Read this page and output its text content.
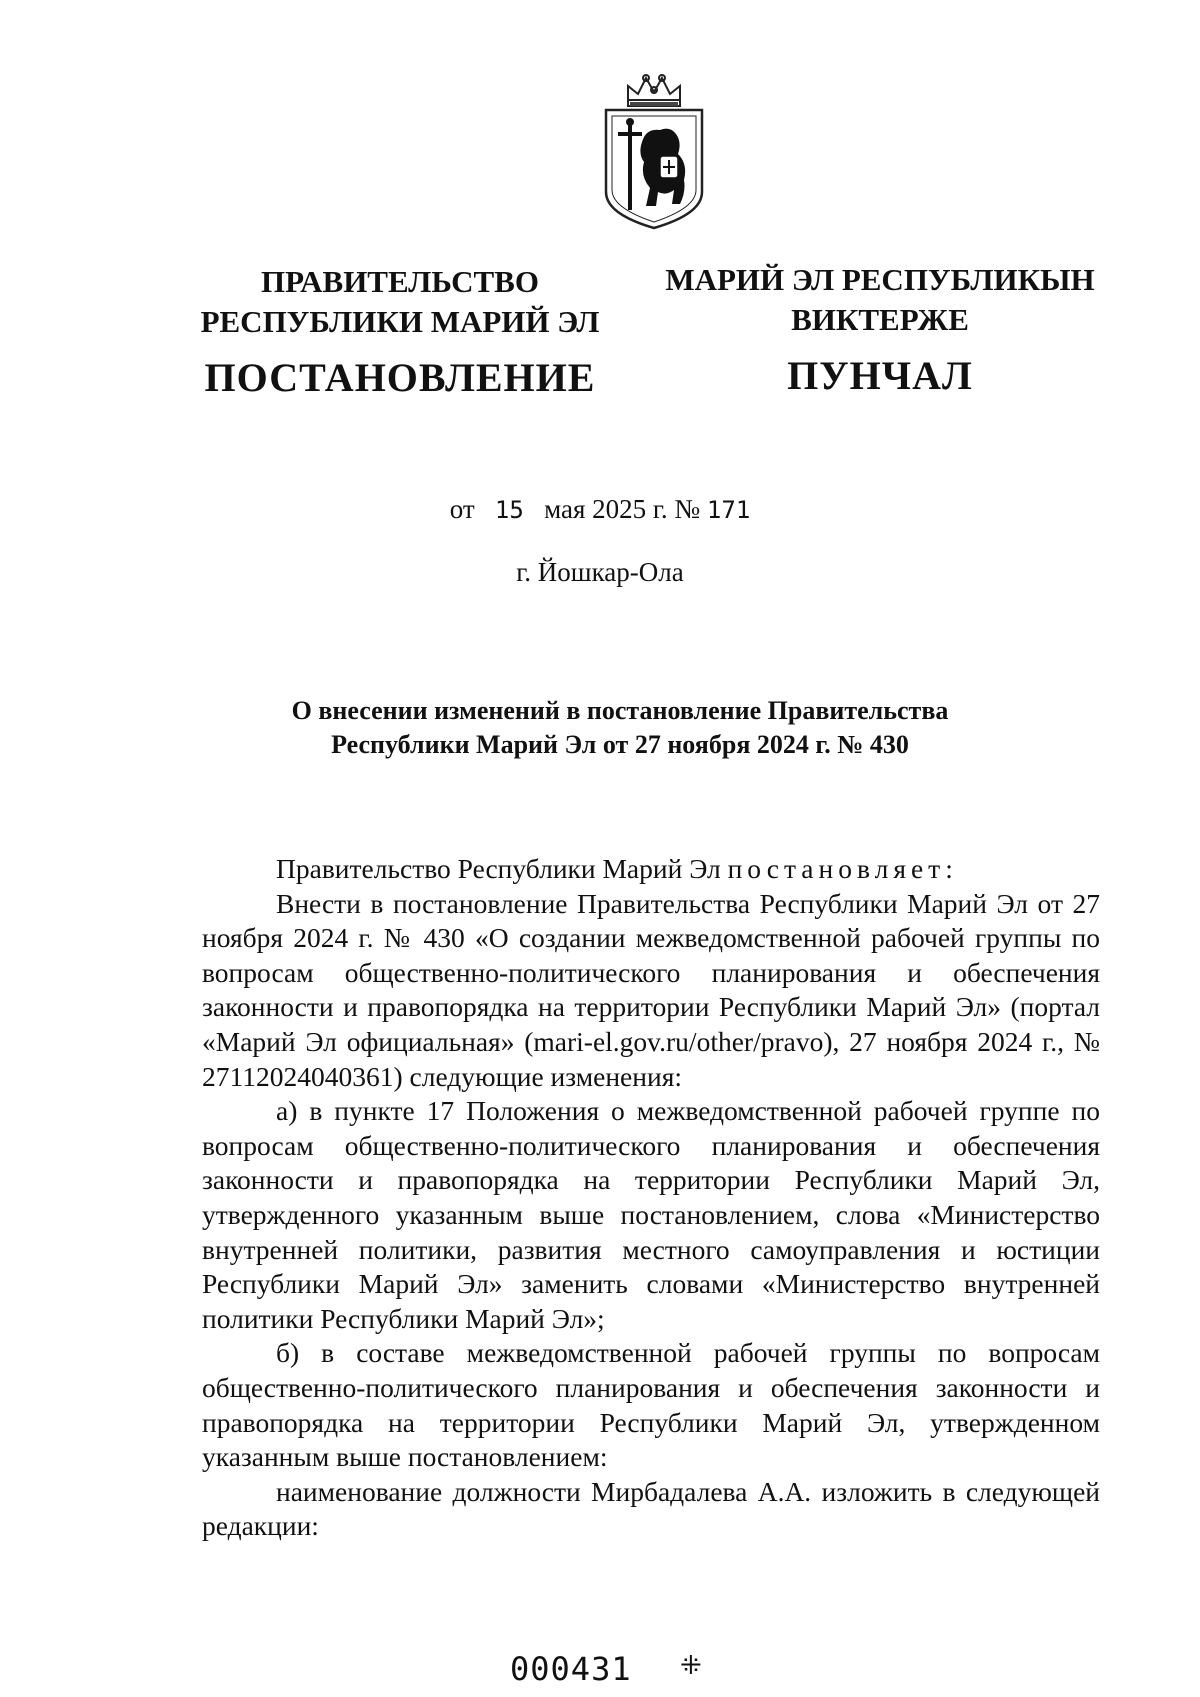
ПРАВИТЕЛЬСТВО
РЕСПУБЛИКИ МАРИЙ ЭЛ
ПОСТАНОВЛЕНИЕ
МАРИЙ ЭЛ РЕСПУБЛИКЫН
ВИКТЕРЖЕ
ПУНЧАЛ
от 15 мая 2025 г. № 171
г. Йошкар-Ола
О внесении изменений в постановление Правительства
Республики Марий Эл от 27 ноября 2024 г. № 430

Правительство Республики Марий Эл постановляет:

Внести в постановление Правительства Республики Марий Эл от 27 ноября 2024 г. № 430 «О создании межведомственной рабочей группы по вопросам общественно-политического планирования и обеспечения законности и правопорядка на территории Республики Марий Эл» (портал «Марий Эл официальная» (mari-el.gov.ru/other/pravo), 27 ноября 2024 г., № 27112024040361) следующие изменения:

а) в пункте 17 Положения о межведомственной рабочей группе по вопросам общественно-политического планирования и обеспечения законности и правопорядка на территории Республики Марий Эл, утвержденного указанным выше постановлением, слова «Министерство внутренней политики, развития местного самоуправления и юстиции Республики Марий Эл» заменить словами «Министерство внутренней политики Республики Марий Эл»;

б) в составе межведомственной рабочей группы по вопросам общественно-политического планирования и обеспечения законности и правопорядка на территории Республики Марий Эл, утвержденном указанным выше постановлением:

наименование должности Мирбадалева А.А. изложить в следующей редакции:

000431 ⁜
